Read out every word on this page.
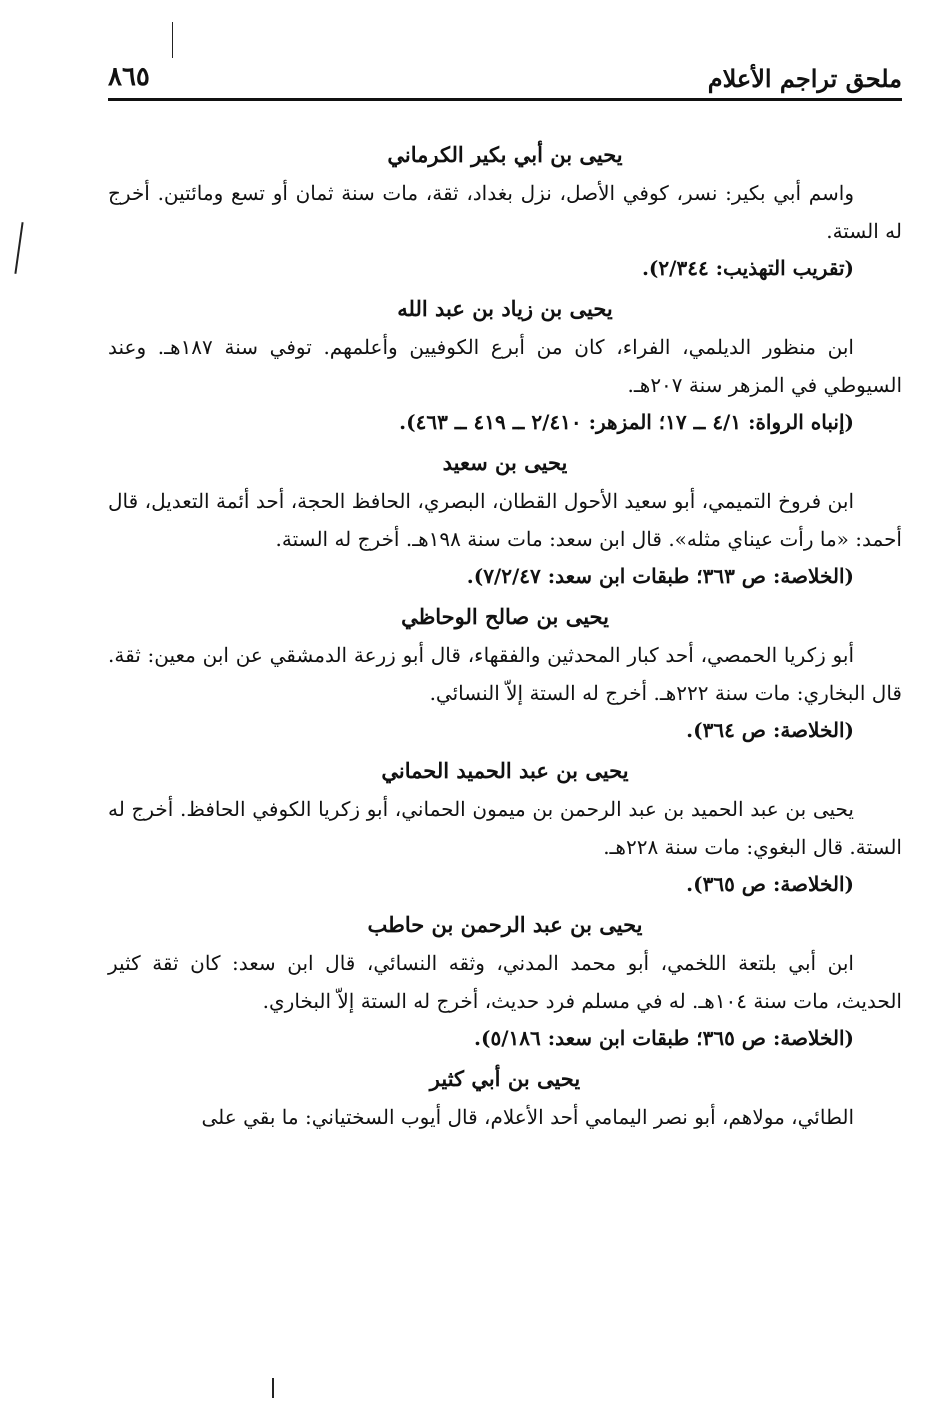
ملحق تراجم الأعلام
٨٦٥
يحيى بن أبي بكير الكرماني

واسم أبي بكير: نسر، كوفي الأصل، نزل بغداد، ثقة، مات سنة ثمان أو تسع ومائتين. أخرج له الستة.

(تقريب التهذيب: ٢/٣٤٤).

يحيى بن زياد بن عبد الله

ابن منظور الديلمي، الفراء، كان من أبرع الكوفيين وأعلمهم. توفي سنة ١٨٧هـ. وعند السيوطي في المزهر سنة ٢٠٧هـ.

(إنباه الرواة: ٤/١ ــ ١٧؛ المزهر: ٢/٤١٠ ــ ٤١٩ ــ ٤٦٣).

يحيى بن سعيد

ابن فروخ التميمي، أبو سعيد الأحول القطان، البصري، الحافظ الحجة، أحد أئمة التعديل، قال أحمد: «ما رأت عيناي مثله». قال ابن سعد: مات سنة ١٩٨هـ. أخرج له الستة.

(الخلاصة: ص ٣٦٣؛ طبقات ابن سعد: ٧/٢/٤٧).

يحيى بن صالح الوحاظي

أبو زكريا الحمصي، أحد كبار المحدثين والفقهاء، قال أبو زرعة الدمشقي عن ابن معين: ثقة. قال البخاري: مات سنة ٢٢٢هـ. أخرج له الستة إلاّ النسائي.

(الخلاصة: ص ٣٦٤).

يحيى بن عبد الحميد الحماني

يحيى بن عبد الحميد بن عبد الرحمن بن ميمون الحماني، أبو زكريا الكوفي الحافظ. أخرج له الستة. قال البغوي: مات سنة ٢٢٨هـ.

(الخلاصة: ص ٣٦٥).

يحيى بن عبد الرحمن بن حاطب

ابن أبي بلتعة اللخمي، أبو محمد المدني، وثقه النسائي، قال ابن سعد: كان ثقة كثير الحديث، مات سنة ١٠٤هـ. له في مسلم فرد حديث، أخرج له الستة إلاّ البخاري.

(الخلاصة: ص ٣٦٥؛ طبقات ابن سعد: ٥/١٨٦).

يحيى بن أبي كثير

الطائي، مولاهم، أبو نصر اليمامي أحد الأعلام، قال أيوب السختياني: ما بقي على
